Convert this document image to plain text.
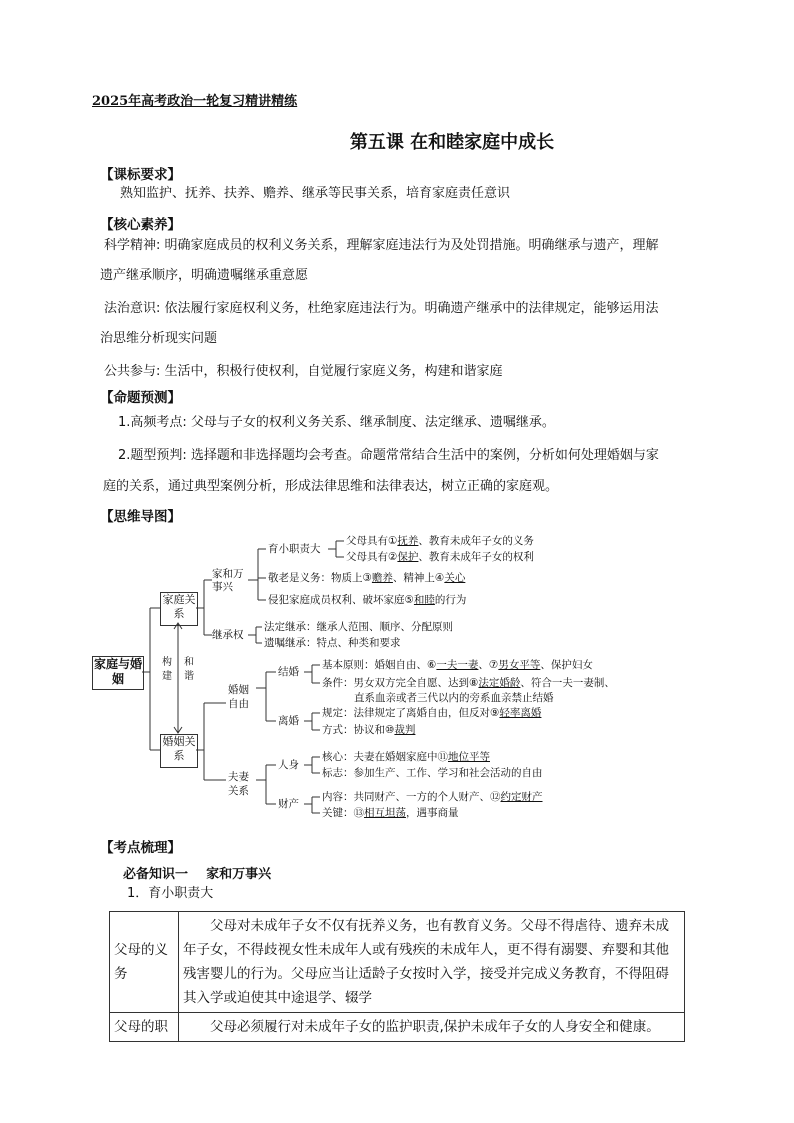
2025年高考政治一轮复习精讲精练
第五课 在和睦家庭中成长
【课标要求】
熟知监护、抚养、扶养、赡养、继承等民事关系，培育家庭责任意识
【核心素养】
科学精神: 明确家庭成员的权利义务关系，理解家庭违法行为及处罚措施。明确继承与遗产，理解
遗产继承顺序，明确遗嘱继承重意愿
法治意识: 依法履行家庭权利义务，杜绝家庭违法行为。明确遗产继承中的法律规定，能够运用法
治思维分析现实问题
公共参与: 生活中，积极行使权利，自觉履行家庭义务，构建和谐家庭
【命题预测】
1.高频考点: 父母与子女的权利义务关系、继承制度、法定继承、遗嘱继承。
2.题型预判: 选择题和非选择题均会考查。命题常常结合生活中的案例，分析如何处理婚姻与家
庭的关系，通过典型案例分析，形成法律思维和法律表达，树立正确的家庭观。
【思维导图】
家庭与婚姻
家庭关系
婚姻关系
构建
和谐
家和万事兴
育小职责大
父母具有①抚养、教育未成年子女的义务
父母具有②保护、教育未成年子女的权利
敬老是义务：物质上③赡养、精神上④关心
侵犯家庭成员权利、破坏家庭⑤和睦的行为
继承权
法定继承：继承人范围、顺序、分配原则
遗嘱继承：特点、种类和要求
婚姻自由
结婚
基本原则：婚姻自由、⑥一夫一妻、⑦男女平等、保护妇女
条件：男女双方完全自愿、达到⑧法定婚龄、符合一夫一妻制、
直系血亲或者三代以内的旁系血亲禁止结婚
离婚
规定：法律规定了离婚自由，但反对⑨轻率离婚
方式：协议和⑩裁判
夫妻关系
人身
核心：夫妻在婚姻家庭中⑪地位平等
标志：参加生产、工作、学习和社会活动的自由
财产
内容：共同财产、一方的个人财产、⑫约定财产
关键：⑬相互坦荡，遇事商量
【考点梳理】
必备知识一    家和万事兴
1．育小职责大
父母的义务	父母对未成年子女不仅有抚养义务，也有教育义务。父母不得虐待、遗弃未成年子女，不得歧视女性未成年人或有残疾的未成年人，更不得有溺婴、弃婴和其他残害婴儿的行为。父母应当让适龄子女按时入学，接受并完成义务教育，不得阻碍其入学或迫使其中途退学、辍学
父母的职	父母必须履行对未成年子女的监护职责,保护未成年子女的人身安全和健康。
